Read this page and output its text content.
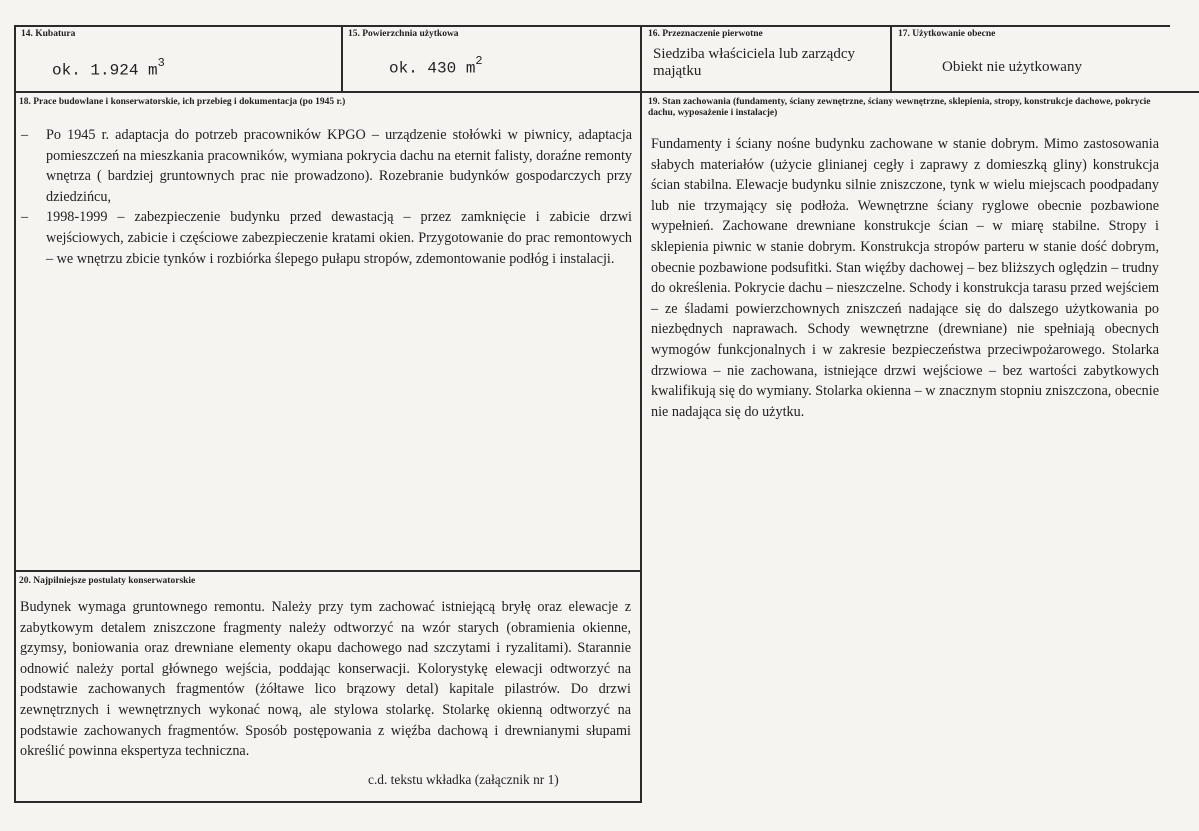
14. Kubatura
ok. 1.924 $m^3$
15. Powierzchnia użytkowa
ok. 430 $m^2$
16. Przeznaczenie pierwotne
Siedziba właściciela lub zarządcy majątku
17. Użytkowanie obecne
Obiekt nie użytkowany
18. Prace budowlane i konserwatorskie, ich przebieg i dokumentacja (po 1945 r.)
– Po 1945 r. adaptacja do potrzeb pracowników KPGO – urządzenie stołówki w piwnicy, adaptacja pomieszczeń na mieszkania pracowników, wymiana pokrycia dachu na eternit falisty, doraźne remonty wnętrza ( bardziej gruntownych prac nie prowadzono). Rozebranie budynków gospodarczych przy dziedzińcu,
– 1998-1999 – zabezpieczenie budynku przed dewastacją – przez zamknięcie i zabicie drzwi wejściowych, zabicie i częściowe zabezpieczenie kratami okien. Przygotowanie do prac remontowych – we wnętrzu zbicie tynków i rozbiórka ślepego pułapu stropów, zdemontowanie podłóg i instalacji.
19. Stan zachowania (fundamenty, ściany zewnętrzne, ściany wewnętrzne, sklepienia, stropy, konstrukcje dachowe, pokrycie dachu, wyposażenie i instalacje)
Fundamenty i ściany nośne budynku zachowane w stanie dobrym. Mimo zastosowania słabych materiałów (użycie glinianej cegły i zaprawy z domieszką gliny) konstrukcja ścian stabilna. Elewacje budynku silnie zniszczone, tynk w wielu miejscach poodpadany lub nie trzymający się podłoża. Wewnętrzne ściany ryglowe obecnie pozbawione wypełnień. Zachowane drewniane konstrukcje ścian – w miarę stabilne. Stropy i sklepienia piwnic w stanie dobrym. Konstrukcja stropów parteru w stanie dość dobrym, obecnie pozbawione podsufitki. Stan więźby dachowej – bez bliższych oględzin – trudny do określenia. Pokrycie dachu – nieszczelne. Schody i konstrukcja tarasu przed wejściem – ze śladami powierzchownych zniszczeń nadające się do dalszego użytkowania po niezbędnych naprawach. Schody wewnętrzne (drewniane) nie spełniają obecnych wymogów funkcjonalnych i w zakresie bezpieczeństwa przeciwpożarowego. Stolarka drzwiowa – nie zachowana, istniejące drzwi wejściowe – bez wartości zabytkowych kwalifikują się do wymiany. Stolarka okienna – w znacznym stopniu zniszczona, obecnie nie nadająca się do użytku.
20. Najpilniejsze postulaty konserwatorskie
Budynek wymaga gruntownego remontu. Należy przy tym zachować istniejącą bryłę oraz elewacje z zabytkowym detalem zniszczone fragmenty należy odtworzyć na wzór starych (obramienia okienne, gzymsy, boniowania oraz drewniane elementy okapu dachowego nad szczytami i ryzalitami). Starannie odnowić należy portal głównego wejścia, poddając konserwacji. Kolorystykę elewacji odtworzyć na podstawie zachowanych fragmentów (żółtawe lico brązowy detal) kapitale pilastrów. Do drzwi zewnętrznych i wewnętrznych wykonać nową, ale stylowa stolarkę. Stolarkę okienną odtworzyć na podstawie zachowanych fragmentów. Sposób postępowania z więźba dachową i drewnianymi słupami określić powinna ekspertyza techniczna.
c.d. tekstu wkładka (załącznik nr 1)
